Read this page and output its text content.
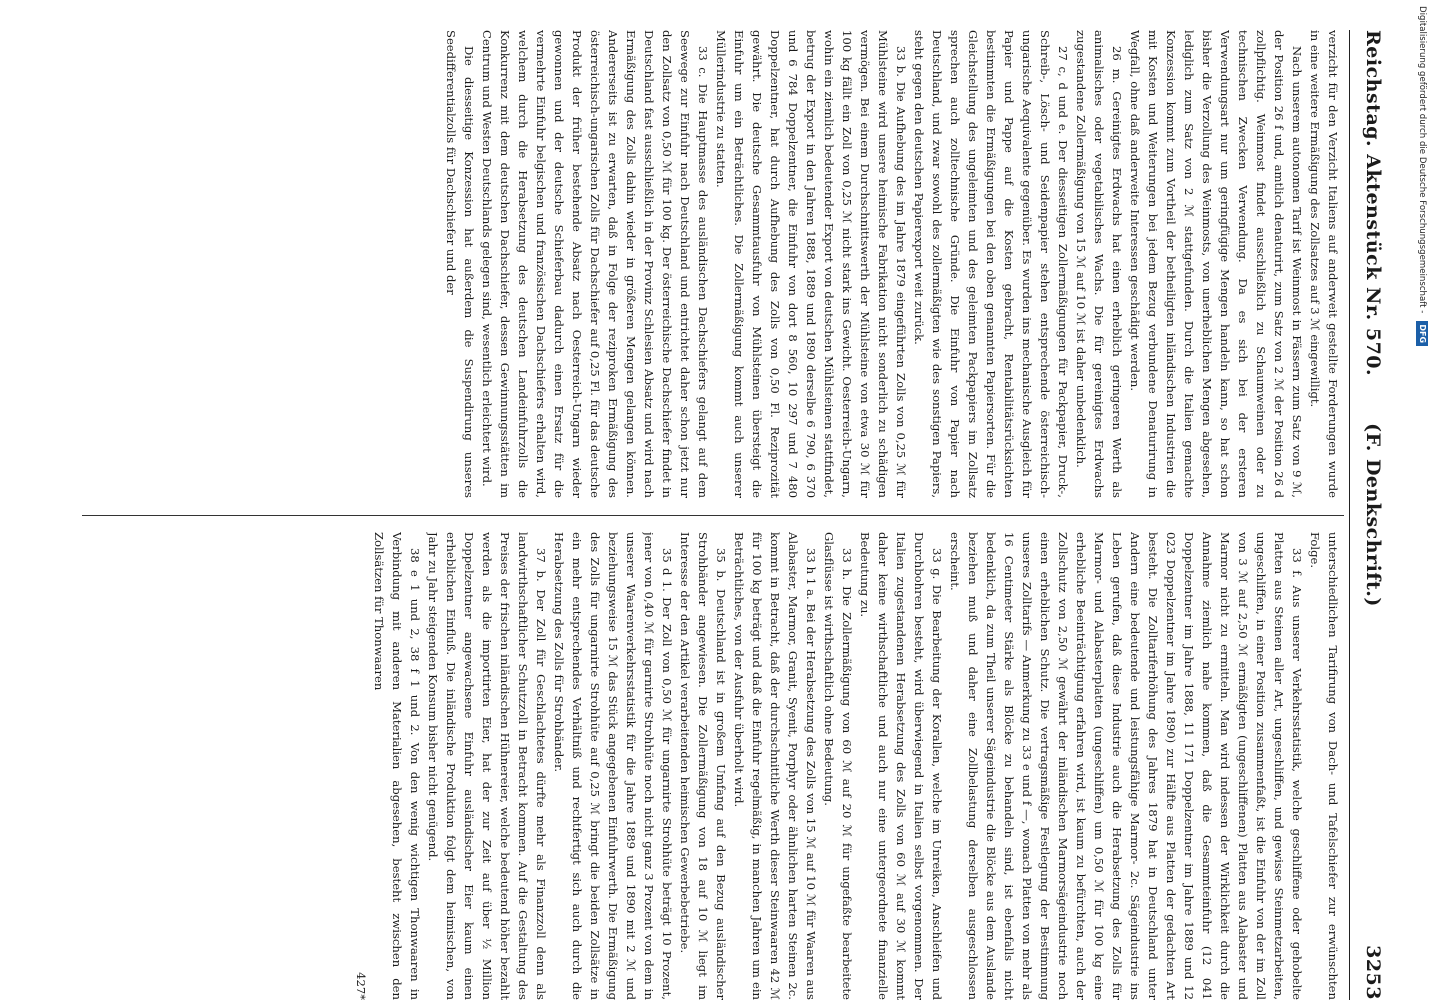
Reichstag. Aktenstück Nr. 570.
(F. Denkschrift.)
3253

verzicht für den Verzicht Italiens auf anderweit gestellte Forderungen wurde in eine weitere Ermäßigung des Zollsatzes auf 3 ℳ eingewilligt.

Nach unserem autonomen Tarif ist Weinmost in Fässern zum Satz von 9 ℳ, der Position 26 f und, amtlich denaturirt, zum Satz von 2 ℳ der Position 26 d zollpflichtig. Weinmost findet ausschließlich zu Schaumweinen oder zu technischen Zwecken Verwendung. Da es sich bei der ersteren Verwendungsart nur um geringfügige Mengen handeln kann, so hat schon bisher die Verzollung des Weinmosts, von unerheblichen Mengen abgesehen, lediglich zum Satz von 2 ℳ stattgefunden. Durch die Italien gemachte Konzession kommt zum Vortheil der betheiligten inländischen Industrien die mit Kosten und Weiterungen bei jedem Bezug verbundene Denaturirung in Wegfall, ohne daß anderweite Interessen geschädigt werden.

26 m. Gereinigtes Erdwachs hat einen erheblich geringeren Werth als animalisches oder vegetabilisches Wachs. Die für gereinigtes Erdwachs zugestandene Zollermäßigung von 15 ℳ auf 10 ℳ ist daher unbedenklich.

27 c, d und e. Der diesseitigen Zollermäßigungen für Packpapier, Druck-, Schreib-, Lösch- und Seidenpapier stehen entsprechende österreichisch-ungarische Aequivalente gegenüber. Es wurden ins mechanische Ausgleich für Papier und Pappe auf die Kosten gebracht, Rentabilitätsrücksichten bestimmten die Ermäßigungen bei den oben genannten Papiersorten. Für die Gleichstellung des ungeleimten und des geleimten Packpapiers im Zollsatz sprechen auch zolltechnische Gründe. Die Einfuhr von Papier nach Deutschland, und zwar sowohl des zollermäßigten wie des sonstigen Papiers, steht gegen den deutschen Papierexport weit zurück.

33 b. Die Aufhebung des im Jahre 1879 eingeführten Zolls von 0,25 ℳ für Mühlsteine wird unsere heimische Fabrikation nicht sonderlich zu schädigen vermögen. Bei einem Durchschnittswerth der Mühlsteine von etwa 30 ℳ für 100 kg fällt ein Zoll von 0,25 ℳ nicht stark ins Gewicht. Oesterreich-Ungarn, wohin ein ziemlich bedeutender Export von deutschen Mühlsteinen stattfindet, betrug der Export in den Jahren 1888, 1889 und 1890 derselbe 6 790, 6 370 und 6 784 Doppelzentner, die Einfuhr von dort 8 560, 10 297 und 7 480 Doppelzentner, hat durch Aufhebung des Zolls von 0,50 Fl. Reziprozität gewährt. Die deutsche Gesammtausfuhr von Mühlsteinen übersteigt die Einfuhr um ein Beträchtliches. Die Zollermäßigung kommt auch unserer Müllerindustrie zu statten.

33 c. Die Hauptmasse des ausländischen Dachschiefers gelangt auf dem Seewege zur Einfuhr nach Deutschland und entrichtet daher schon jetzt nur den Zollsatz von 0,50 ℳ für 100 kg. Der österreichische Dachschiefer findet in Deutschland fast ausschließlich in der Provinz Schlesien Absatz und wird nach Ermäßigung des Zolls dahin wieder in größeren Mengen gelangen können. Andererseits ist zu erwarten, daß in Folge der reziproken Ermäßigung des österreichisch-ungarischen Zolls für Dachschiefer auf 0,25 Fl. für das deutsche Produkt der früher bestehende Absatz nach Oesterreich-Ungarn wieder gewonnen und der deutsche Schieferbau dadurch einen Ersatz für die vermehrte Einfuhr belgischen und französischen Dachschiefers erhalten wird, welchem durch die Herabsetzung des deutschen Landeinfuhrzolls die Konkurrenz mit dem deutschen Dachschiefer, dessen Gewinnungsstätten im Centrum und Westen Deutschlands gelegen sind, wesentlich erleichtert wird.

Die diesseitige Konzession hat außerdem die Suspendirung unseres Seedifferentialzolls für Dachschiefer und der

unterschiedlichen Tarifirung von Dach- und Tafelschiefer zur erwünschten Folge.

33 f. Aus unserer Verkehrsstatistik, welche geschliffene oder gehobelte Platten aus Steinen aller Art, ungeschliffen, und gewisse Steinmetzarbeiten, ungeschliffen, in einer Position zusammenfaßt, ist die Einfuhr von der im Zoll von 3 ℳ auf 2,50 ℳ ermäßigten (ungeschliffenen) Platten aus Alabaster und Marmor nicht zu ermitteln. Man wird indessen der Wirklichkeit durch die Annahme ziemlich nahe kommen, daß die Gesammteinfuhr (12 041 Doppelzentner im Jahre 1888, 11 171 Doppelzentner im Jahre 1889 und 12 023 Doppelzentner im Jahre 1890) zur Hälfte aus Platten der gedachten Art besteht. Die Zolltariferhöhung des Jahres 1879 hat in Deutschland unter Andern eine bedeutende und leistungsfähige Marmor- 2c. Sägeindustrie ins Leben gerufen, daß diese Industrie auch die Herabsetzung des Zolls für Marmor- und Alabasterplatten (ungeschliffen) um 0,50 ℳ für 100 kg eine erhebliche Beeinträchtigung erfahren wird, ist kaum zu befürchten, auch der Zollschutz von 2,50 ℳ gewährt der inländischen Marmorsägeindustrie noch einen erheblichen Schutz. Die vertragsmäßige Festlegung der Bestimmung unseres Zolltarifs — Anmerkung zu 33 e und f —, wonach Platten von mehr als 16 Centimeter Stärke als Blöcke zu behandeln sind, ist ebenfalls nicht bedenklich, da zum Theil unserer Sägeindustrie die Blöcke aus dem Auslande beziehen muß und daher eine Zollbelastung derselben ausgeschlossen erscheint.

33 g. Die Bearbeitung der Korallen, welche im Unreiken, Anschleifen und Durchbohren besteht, wird überwiegend in Italien selbst vorgenommen. Der Italien zugestandenen Herabsetzung des Zolls von 60 ℳ auf 30 ℳ kommt daher keine wirthschaftliche und auch nur eine untergeordnete finanzielle Bedeutung zu.

33 h. Die Zollermäßigung von 60 ℳ auf 20 ℳ für ungefaßte bearbeitete Glasflüsse ist wirthschaftlich ohne Bedeutung.

33 h 1 a. Bei der Herabsetzung des Zolls von 15 ℳ auf 10 ℳ für Waaren aus Alabaster, Marmor, Granit, Syenit, Porphyr oder ähnlichen harten Steinen 2c. kommt in Betracht, daß der durchschnittliche Werth dieser Steinwaaren 42 ℳ für 100 kg beträgt und daß die Einfuhr regelmäßig, in manchen Jahren um ein Beträchtliches, von der Ausfuhr überholt wird.

35 b. Deutschland ist in großem Umfang auf den Bezug ausländischer Strohbänder angewiesen. Die Zollermäßigung von 18 auf 10 ℳ liegt im Interesse der den Artikel verarbeitenden heimischen Gewerbebetriebe.

35 d 1. Der Zoll von 0,50 ℳ für ungarnirte Strohhüte beträgt 10 Prozent, jener von 0,40 ℳ für garnirte Strohhüte noch nicht ganz 3 Prozent von dem in unserer Waarenverkehrsstatistik für die Jahre 1889 und 1890 mit 2 ℳ und beziehungsweise 15 ℳ das Stück angegebenen Einfuhrwerth. Die Ermäßigung des Zolls für ungarnirte Strohhüte auf 0,25 ℳ bringt die beiden Zollsätze in ein mehr entsprechendes Verhältniß und rechtfertigt sich auch durch die Herabsetzung des Zolls für Strohbänder.

37 b. Der Zoll für Geschlachtetes dürfte mehr als Finanzzoll denn als landwirthschaftlicher Schutzzoll in Betracht kommen. Auf die Gestaltung des Preises der frischen inländischen Hühnereier, welche bedeutend höher bezahlt werden als die importirten Eier, hat der zur Zeit auf über ½ Million Doppelzentner angewachsene Einfuhr ausländischer Eier kaum einen erheblichen Einfluß. Die inländische Produktion folgt dem heimischen, von Jahr zu Jahr steigenden Konsum bisher nicht genügend.

38 e 1 und 2, 38 f 1 und 2. Von den wenig wichtigen Thonwaaren in Verbindung mit anderen Materialien abgesehen, besteht zwischen den Zollsätzen für Thonwaaren

427*

Digitalisierung gefördert durch die Deutsche Forschungsgemeinschaft -DFG
